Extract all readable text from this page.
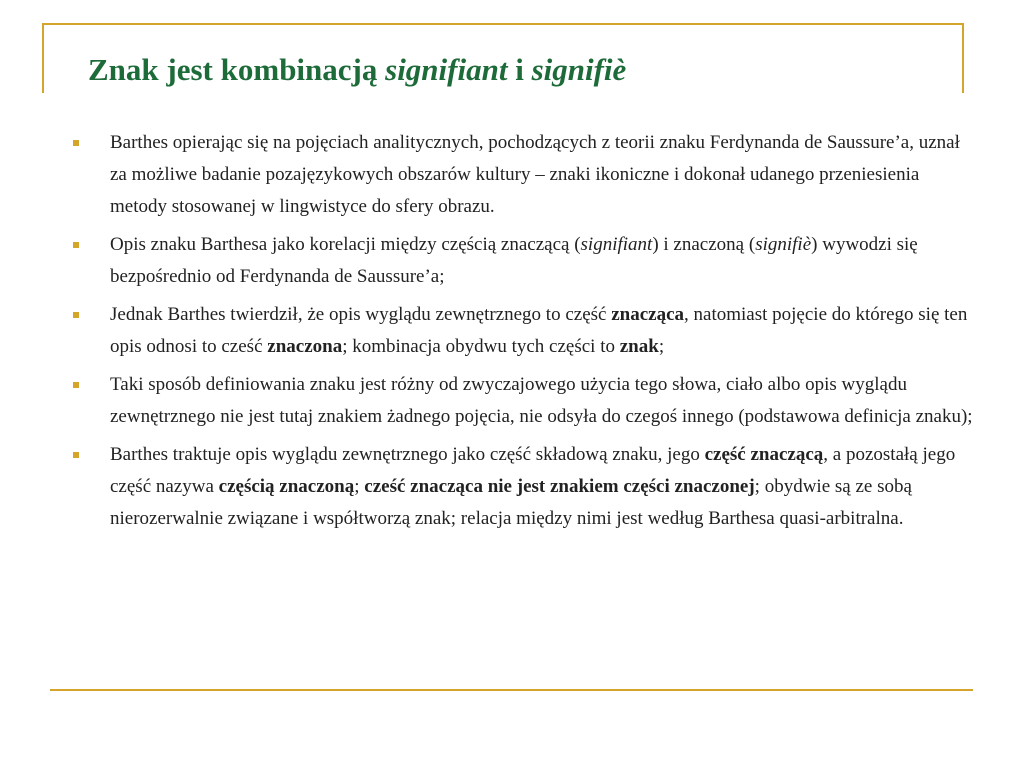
Znak jest kombinacją signifiant i signifiè
Barthes opierając się na pojęciach analitycznych, pochodzących z teorii znaku Ferdynanda de Saussure’a, uznał za możliwe badanie pozajęzykowych obszarów kultury – znaki ikoniczne i dokonał udanego przeniesienia metody stosowanej w lingwistyce do sfery obrazu.
Opis znaku Barthesa jako korelacji między częścią znaczącą (signifiant) i znaczoną (signifiè) wywodzi się bezpośrednio od Ferdynanda de Saussure’a;
Jednak Barthes twierdził, że opis wyglądu zewnętrznego to część znacząca, natomiast pojęcie do którego się ten opis odnosi to cześć znaczona; kombinacja obydwu tych części to znak;
Taki sposób definiowania znaku jest różny od zwyczajowego użycia tego słowa, ciało albo opis wyglądu zewnętrznego nie jest tutaj znakiem żadnego pojęcia, nie odsyła do czegoś innego (podstawowa definicja znaku);
Barthes traktuje opis wyglądu zewnętrznego jako część składową znaku, jego część znaczącą, a pozostałą jego część nazywa częścią znaczoną; cześć znacząca nie jest znakiem części znaczonej; obydwie są ze sobą nierozerwalnie związane i współtworzą znak; relacja między nimi jest według Barthesa quasi-arbitralna.
